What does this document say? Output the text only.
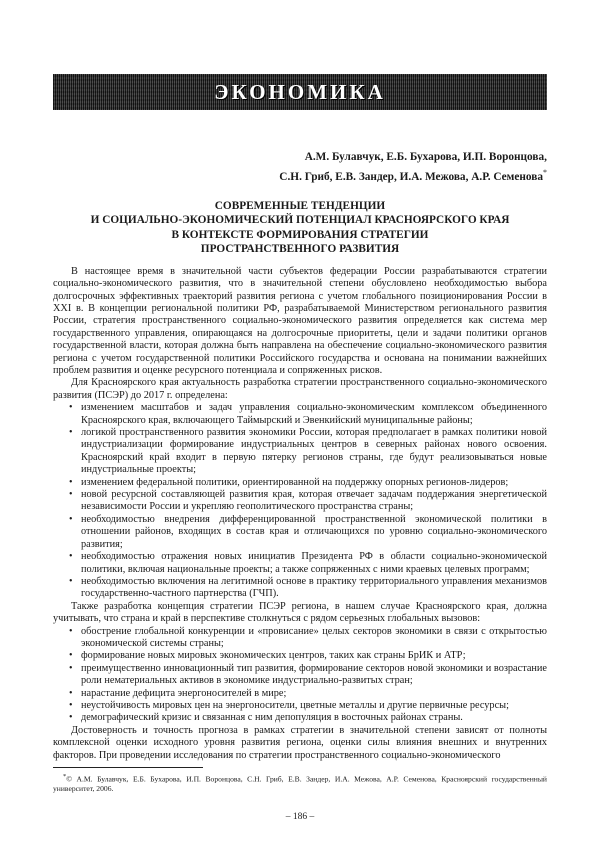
ЭКОНОМИКА
А.М. Булавчук, Е.Б. Бухарова, И.П. Воронцова,
С.Н. Гриб, Е.В. Зандер, И.А. Межова, А.Р. Семенова*
СОВРЕМЕННЫЕ ТЕНДЕНЦИИ
И СОЦИАЛЬНО-ЭКОНОМИЧЕСКИЙ ПОТЕНЦИАЛ КРАСНОЯРСКОГО КРАЯ
В КОНТЕКСТЕ ФОРМИРОВАНИЯ СТРАТЕГИИ
ПРОСТРАНСТВЕННОГО РАЗВИТИЯ

В настоящее время в значительной части субъектов федерации России разрабатываются стратегии социально-экономического развития, что в значительной степени обусловлено необходимостью выбора долгосрочных эффективных траекторий развития региона с учетом глобального позиционирования России в XXI в. В концепции региональной политики РФ, разрабатываемой Министерством регионального развития России, стратегия пространственного социально-экономического развития определяется как система мер государственного управления, опирающаяся на долгосрочные приоритеты, цели и задачи политики органов государственной власти, которая должна быть направлена на обеспечение социально-экономического развития региона с учетом государственной политики Российского государства и основана на понимании важнейших проблем развития и оценке ресурсного потенциала и сопряженных рисков.

Для Красноярского края актуальность разработка стратегии пространственного социально-экономического развития (ПСЭР) до 2017 г. определена:

• изменением масштабов и задач управления социально-экономическим комплексом объединенного Красноярского края, включающего Таймырский и Эвенкийский муниципальные районы;
• логикой пространственного развития экономики России, которая предполагает в рамках политики новой индустриализации формирование индустриальных центров в северных районах нового освоения. Красноярский край входит в первую пятерку регионов страны, где будут реализовываться новые индустриальные проекты;
• изменением федеральной политики, ориентированной на поддержку опорных регионов-лидеров;
• новой ресурсной составляющей развития края, которая отвечает задачам поддержания энергетической независимости России и укрепляю геополитического пространства страны;
• необходимостью внедрения дифференцированной пространственной экономической политики в отношении районов, входящих в состав края и отличающихся по уровню социально-экономического развития;
• необходимостью отражения новых инициатив Президента РФ в области социально-экономической политики, включая национальные проекты; а также сопряженных с ними краевых целевых программ;
• необходимостью включения на легитимной основе в практику территориального управления механизмов государственно-частного партнерства (ГЧП).

Также разработка концепция стратегии ПСЭР региона, в нашем случае Красноярского края, должна учитывать, что страна и край в перспективе столкнуться с рядом серьезных глобальных вызовов:

• обострение глобальной конкуренции и «провисание» целых секторов экономики в связи с открытостью экономической системы страны;
• формирование новых мировых экономических центров, таких как страны БрИК и АТР;
• преимущественно инновационный тип развития, формирование секторов новой экономики и возрастание роли нематериальных активов в экономике индустриально-развитых стран;
• нарастание дефицита энергоносителей в мире;
• неустойчивость мировых цен на энергоносители, цветные металлы и другие первичные ресурсы;
• демографический кризис и связанная с ним депопуляция в восточных районах страны.

Достоверность и точность прогноза в рамках стратегии в значительной степени зависят от полноты комплексной оценки исходного уровня развития региона, оценки силы влияния внешних и внутренних факторов. При проведении исследования по стратегии пространственного социально-экономического

*© А.М. Булавчук, Е.Б. Бухарова, И.П. Воронцова, С.Н. Гриб, Е.В. Зандер, И.А. Межова, А.Р. Семенова, Красноярский государственный университет, 2006.
– 186 –
